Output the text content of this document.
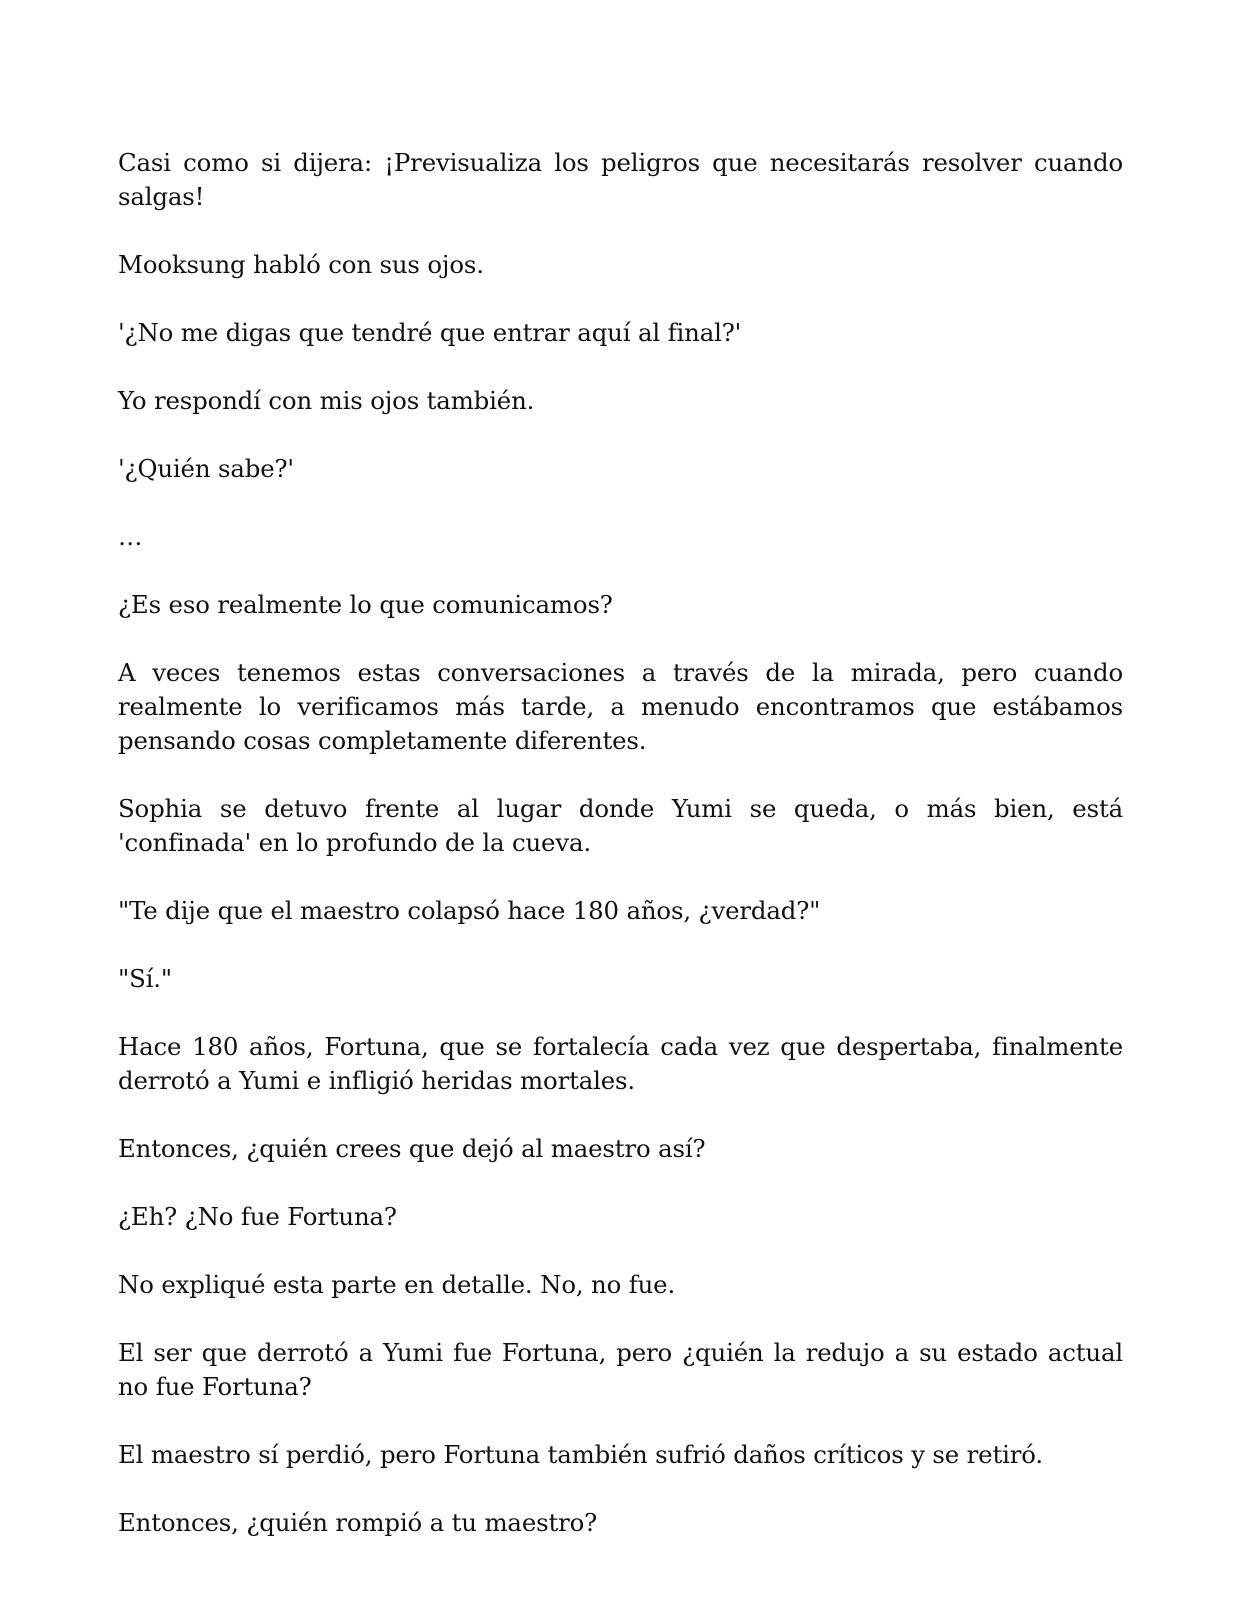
Casi como si dijera: ¡Previsualiza los peligros que necesitarás resolver cuando salgas!

Mooksung habló con sus ojos.

'¿No me digas que tendré que entrar aquí al final?'

Yo respondí con mis ojos también.

'¿Quién sabe?'

…

¿Es eso realmente lo que comunicamos?

A veces tenemos estas conversaciones a través de la mirada, pero cuando realmente lo verificamos más tarde, a menudo encontramos que estábamos pensando cosas completamente diferentes.

Sophia se detuvo frente al lugar donde Yumi se queda, o más bien, está 'confinada' en lo profundo de la cueva.

"Te dije que el maestro colapsó hace 180 años, ¿verdad?"

"Sí."

Hace 180 años, Fortuna, que se fortalecía cada vez que despertaba, finalmente derrotó a Yumi e infligió heridas mortales.

Entonces, ¿quién crees que dejó al maestro así?

¿Eh? ¿No fue Fortuna?

No expliqué esta parte en detalle. No, no fue.

El ser que derrotó a Yumi fue Fortuna, pero ¿quién la redujo a su estado actual no fue Fortuna?

El maestro sí perdió, pero Fortuna también sufrió daños críticos y se retiró.

Entonces, ¿quién rompió a tu maestro?
